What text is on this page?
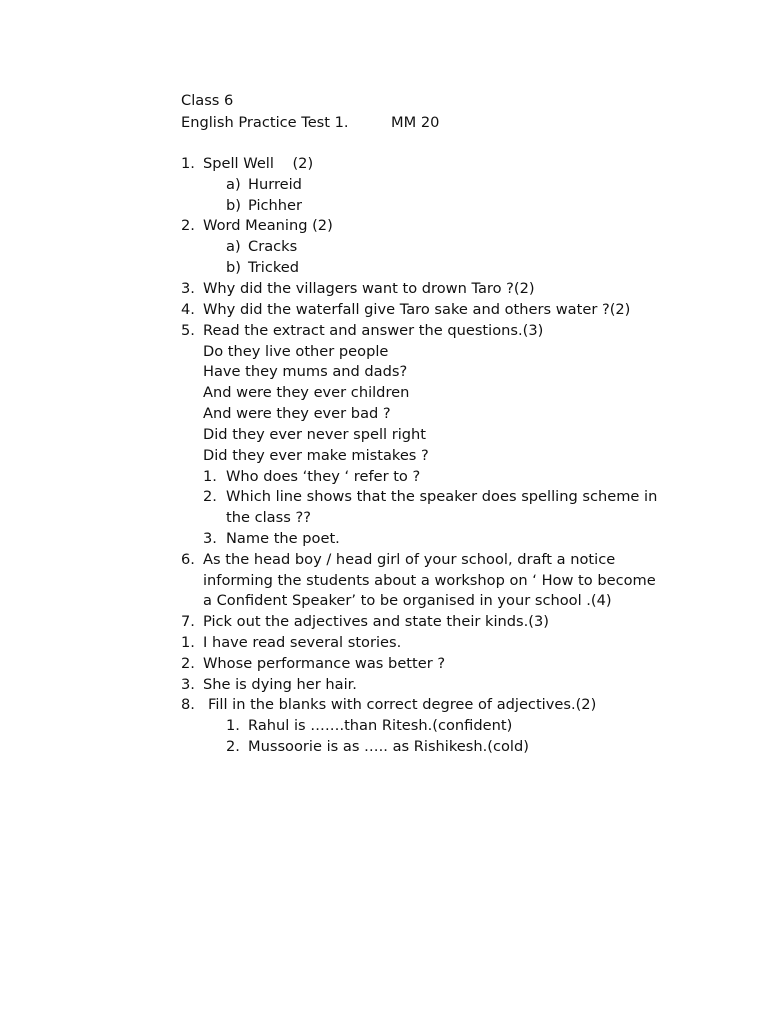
Class 6
English Practice Test 1.	MM 20
1. Spell Well    (2)
a) Hurreid
b) Pichher
2. Word Meaning (2)
a) Cracks
b) Tricked
3. Why did the villagers want to drown Taro ?(2)
4. Why did the waterfall give Taro sake and others water ?(2)
5. Read the extract and answer the questions.(3)
Do they live other people
Have they mums and dads?
And were they ever children
And were they ever bad ?
Did they ever never spell right
Did they ever make mistakes ?
1. Who does ‘they ‘ refer to ?
2. Which line shows that the speaker does spelling scheme in
the class ??
3. Name the poet.
6. As the head boy / head girl of your school, draft a notice
informing the students about a workshop on ‘ How to become
a Confident Speaker’ to be organised in your school .(4)
7. Pick out the adjectives and state their kinds.(3)
1. I have read several stories.
2. Whose performance was better ?
3. She is dying her hair.
8. Fill in the blanks with correct degree of adjectives.(2)
1. Rahul is …….than Ritesh.(confident)
2. Mussoorie is as ….. as Rishikesh.(cold)
